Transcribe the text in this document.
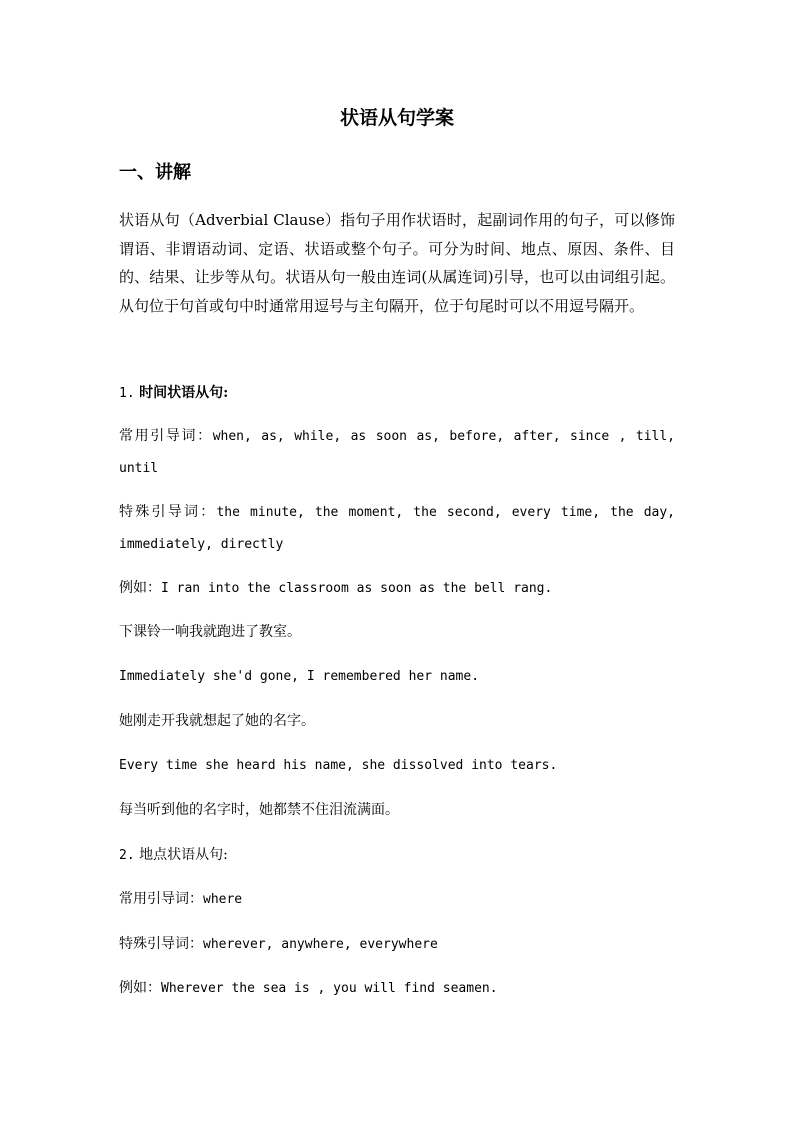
状语从句学案
一、讲解

状语从句（Adverbial Clause）指句子用作状语时，起副词作用的句子，可以修饰谓语、非谓语动词、定语、状语或整个句子。可分为时间、地点、原因、条件、目的、结果、让步等从句。状语从句一般由连词(从属连词)引导，也可以由词组引起。从句位于句首或句中时通常用逗号与主句隔开，位于句尾时可以不用逗号隔开。

1. 时间状语从句:

常用引导词：when, as, while, as soon as, before, after, since , till, until

特殊引导词：the minute, the moment, the second, every time, the day, immediately, directly

例如：I ran into the classroom as soon as the bell rang.

下课铃一响我就跑进了教室。

Immediately she'd gone, I remembered her name.

她刚走开我就想起了她的名字。

Every time she heard his name, she dissolved into tears.

每当听到他的名字时，她都禁不住泪流满面。

2. 地点状语从句:

常用引导词：where

特殊引导词：wherever, anywhere, everywhere

例如：Wherever the sea is , you will find seamen.
